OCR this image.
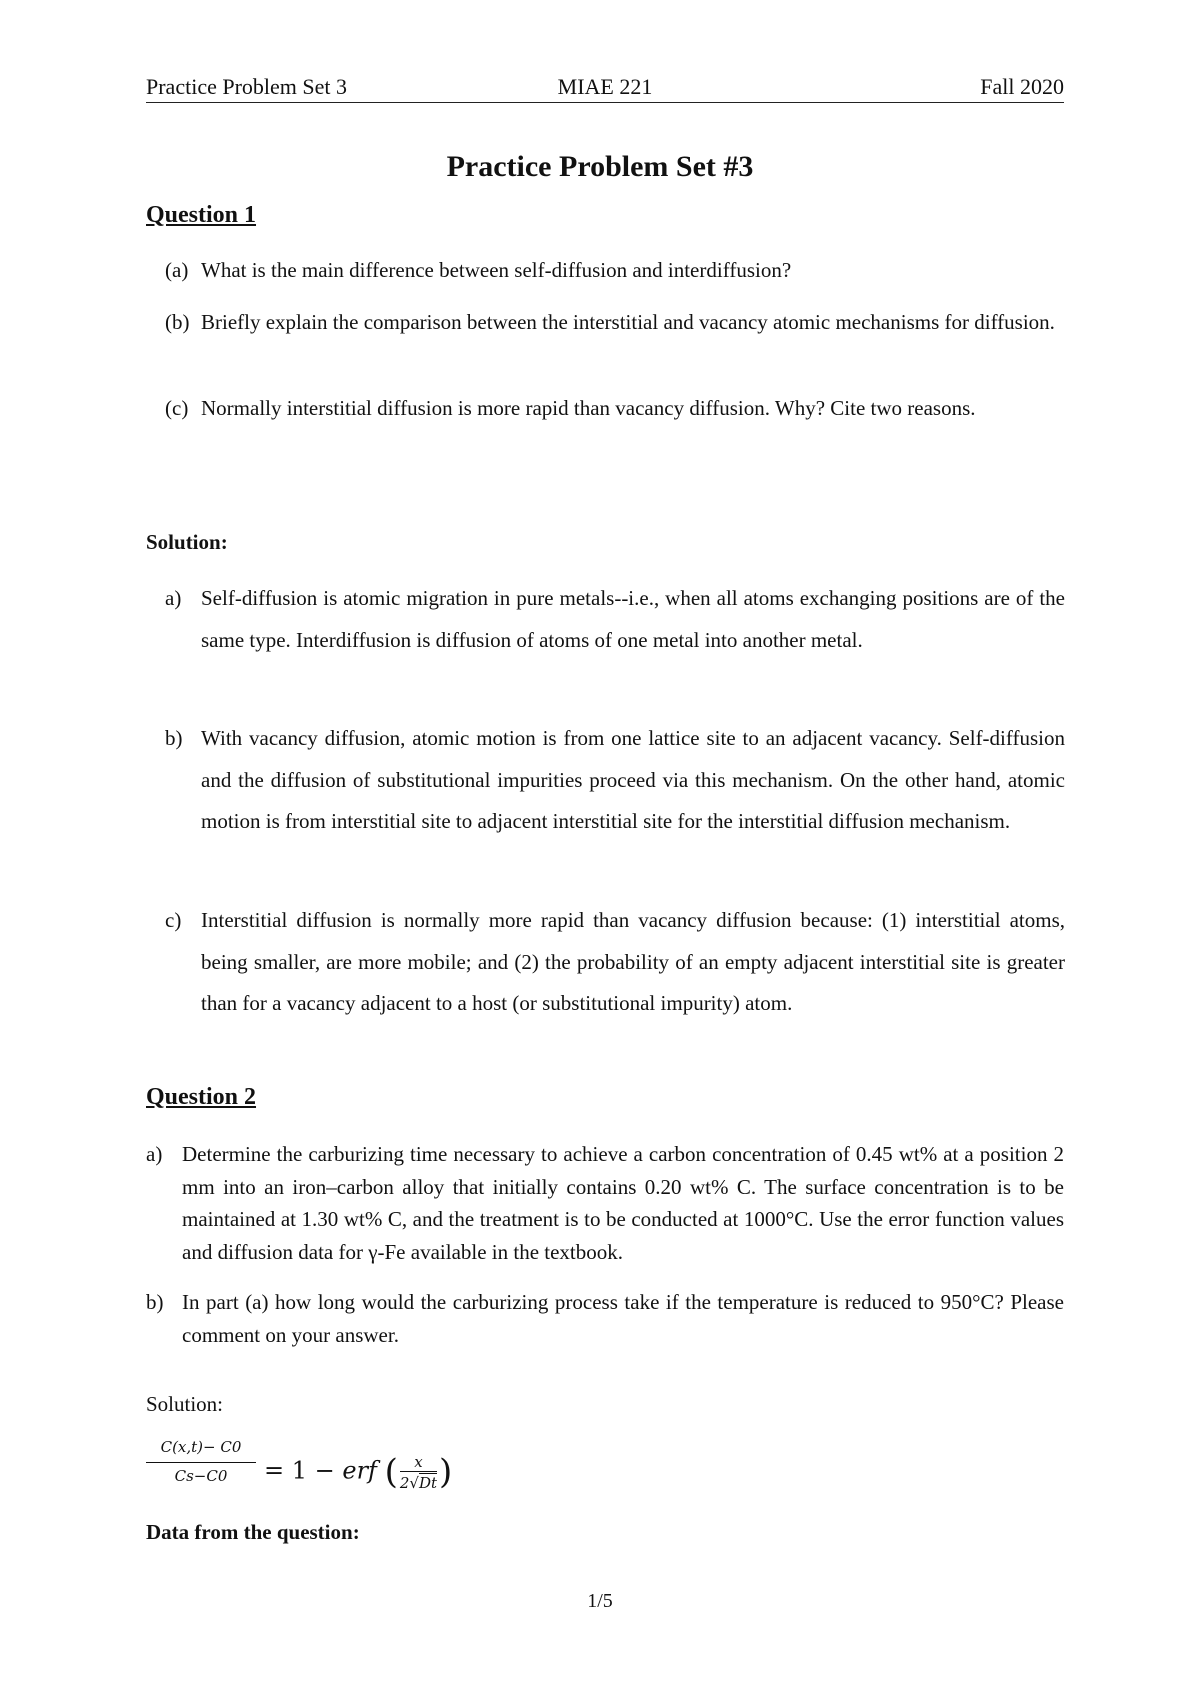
Practice Problem Set 3	MIAE 221	Fall 2020
Practice Problem Set #3
Question 1
(a) What is the main difference between self-diffusion and interdiffusion?
(b) Briefly explain the comparison between the interstitial and vacancy atomic mechanisms for diffusion.
(c) Normally interstitial diffusion is more rapid than vacancy diffusion. Why? Cite two reasons.
Solution:
a) Self-diffusion is atomic migration in pure metals--i.e., when all atoms exchanging positions are of the same type. Interdiffusion is diffusion of atoms of one metal into another metal.
b) With vacancy diffusion, atomic motion is from one lattice site to an adjacent vacancy. Self-diffusion and the diffusion of substitutional impurities proceed via this mechanism. On the other hand, atomic motion is from interstitial site to adjacent interstitial site for the interstitial diffusion mechanism.
c) Interstitial diffusion is normally more rapid than vacancy diffusion because: (1) interstitial atoms, being smaller, are more mobile; and (2) the probability of an empty adjacent interstitial site is greater than for a vacancy adjacent to a host (or substitutional impurity) atom.
Question 2
a) Determine the carburizing time necessary to achieve a carbon concentration of 0.45 wt% at a position 2 mm into an iron–carbon alloy that initially contains 0.20 wt% C. The surface concentration is to be maintained at 1.30 wt% C, and the treatment is to be conducted at 1000°C. Use the error function values and diffusion data for γ-Fe available in the textbook.
b) In part (a) how long would the carburizing process take if the temperature is reduced to 950°C? Please comment on your answer.
Solution:
$\frac{C(x,t)- C0}{Cs-C0} = 1$ − erf ( $\frac{x}{2√Dt}$ )
Data from the question:
1/5
